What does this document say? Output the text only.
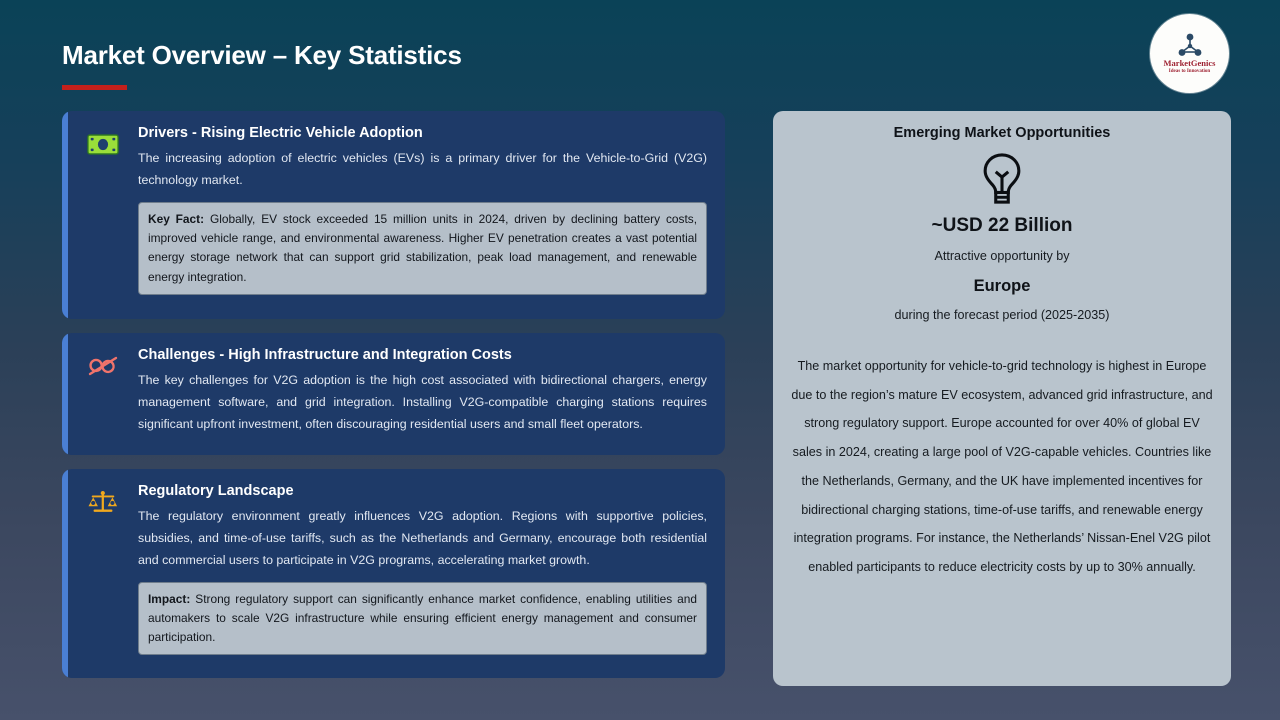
Market Overview – Key Statistics	MarketGenics
Ideas to Innovation
Drivers - Rising Electric Vehicle Adoption
The increasing adoption of electric vehicles (EVs) is a primary driver for the Vehicle-to-Grid (V2G) technology market.
Key Fact: Globally, EV stock exceeded 15 million units in 2024, driven by declining battery costs, improved vehicle range, and environmental awareness. Higher EV penetration creates a vast potential energy storage network that can support grid stabilization, peak load management, and renewable energy integration.
Challenges - High Infrastructure and Integration Costs
The key challenges for V2G adoption is the high cost associated with bidirectional chargers, energy management software, and grid integration. Installing V2G-compatible charging stations requires significant upfront investment, often discouraging residential users and small fleet operators.
Regulatory Landscape
The regulatory environment greatly influences V2G adoption. Regions with supportive policies, subsidies, and time-of-use tariffs, such as the Netherlands and Germany, encourage both residential and commercial users to participate in V2G programs, accelerating market growth.
Impact: Strong regulatory support can significantly enhance market confidence, enabling utilities and automakers to scale V2G infrastructure while ensuring efficient energy management and consumer participation.
Emerging Market Opportunities
~USD 22 Billion
Attractive opportunity by
Europe
during the forecast period (2025-2035)
The market opportunity for vehicle-to-grid technology is highest in Europe due to the region’s mature EV ecosystem, advanced grid infrastructure, and strong regulatory support. Europe accounted for over 40% of global EV sales in 2024, creating a large pool of V2G-capable vehicles. Countries like the Netherlands, Germany, and the UK have implemented incentives for bidirectional charging stations, time-of-use tariffs, and renewable energy integration programs. For instance, the Netherlands’ Nissan-Enel V2G pilot enabled participants to reduce electricity costs by up to 30% annually.
